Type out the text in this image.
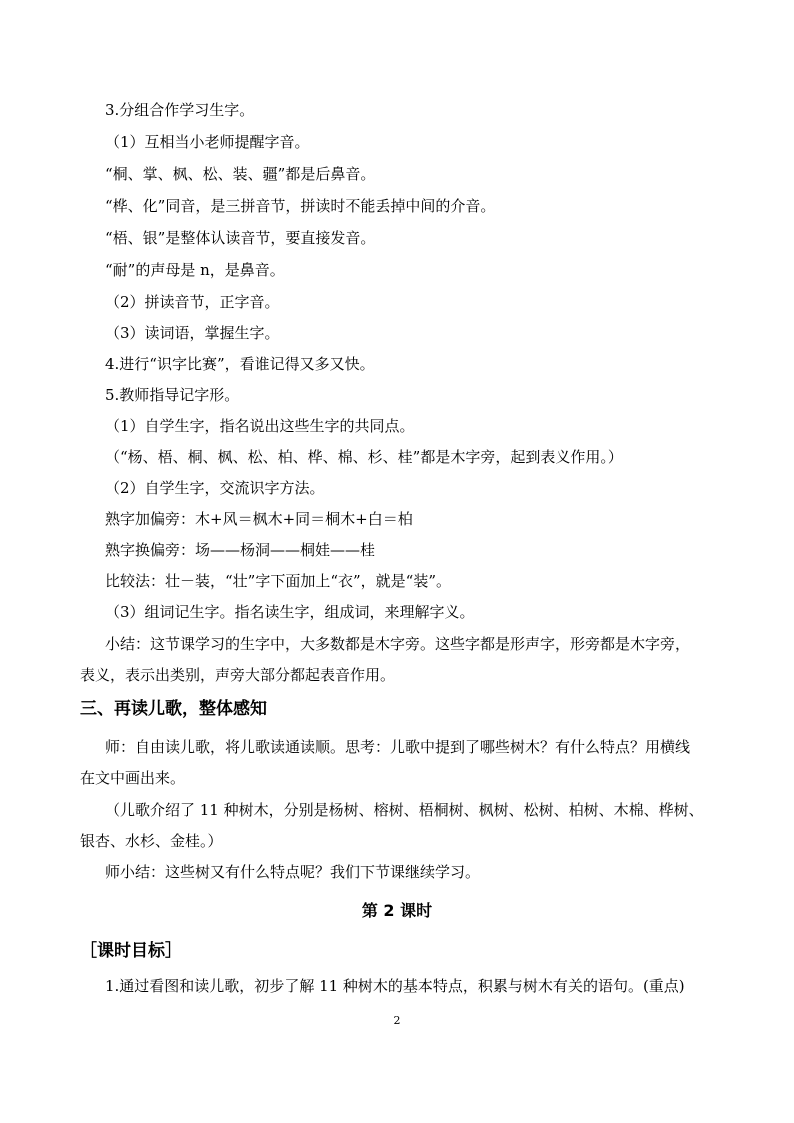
3.分组合作学习生字。
（1）互相当小老师提醒字音。
“桐、掌、枫、松、装、疆”都是后鼻音。
“桦、化”同音，是三拼音节，拼读时不能丢掉中间的介音。
“梧、银”是整体认读音节，要直接发音。
“耐”的声母是 n，是鼻音。
（2）拼读音节，正字音。
（3）读词语，掌握生字。
4.进行“识字比赛”，看谁记得又多又快。
5.教师指导记字形。
（1）自学生字，指名说出这些生字的共同点。
（“杨、梧、桐、枫、松、柏、桦、棉、杉、桂”都是木字旁，起到表义作用。）
（2）自学生字，交流识字方法。
熟字加偏旁：木+风＝枫木+同＝桐木+白＝柏
熟字换偏旁：场——杨洞——桐娃——桂
比较法：壮－装，“壮”字下面加上“衣”，就是“装”。
（3）组词记生字。指名读生字，组成词，来理解字义。
小结：这节课学习的生字中，大多数都是木字旁。这些字都是形声字，形旁都是木字旁，
表义，表示出类别，声旁大部分都起表音作用。
三、再读儿歌，整体感知
师：自由读儿歌，将儿歌读通读顺。思考：儿歌中提到了哪些树木？有什么特点？用横线
在文中画出来。
（儿歌介绍了 11 种树木，分别是杨树、榕树、梧桐树、枫树、松树、柏树、木棉、桦树、
银杏、水杉、金桂。）
师小结：这些树又有什么特点呢？我们下节课继续学习。
第 2 课时
［课时目标］
1.通过看图和读儿歌，初步了解 11 种树木的基本特点，积累与树木有关的语句。(重点)
2
